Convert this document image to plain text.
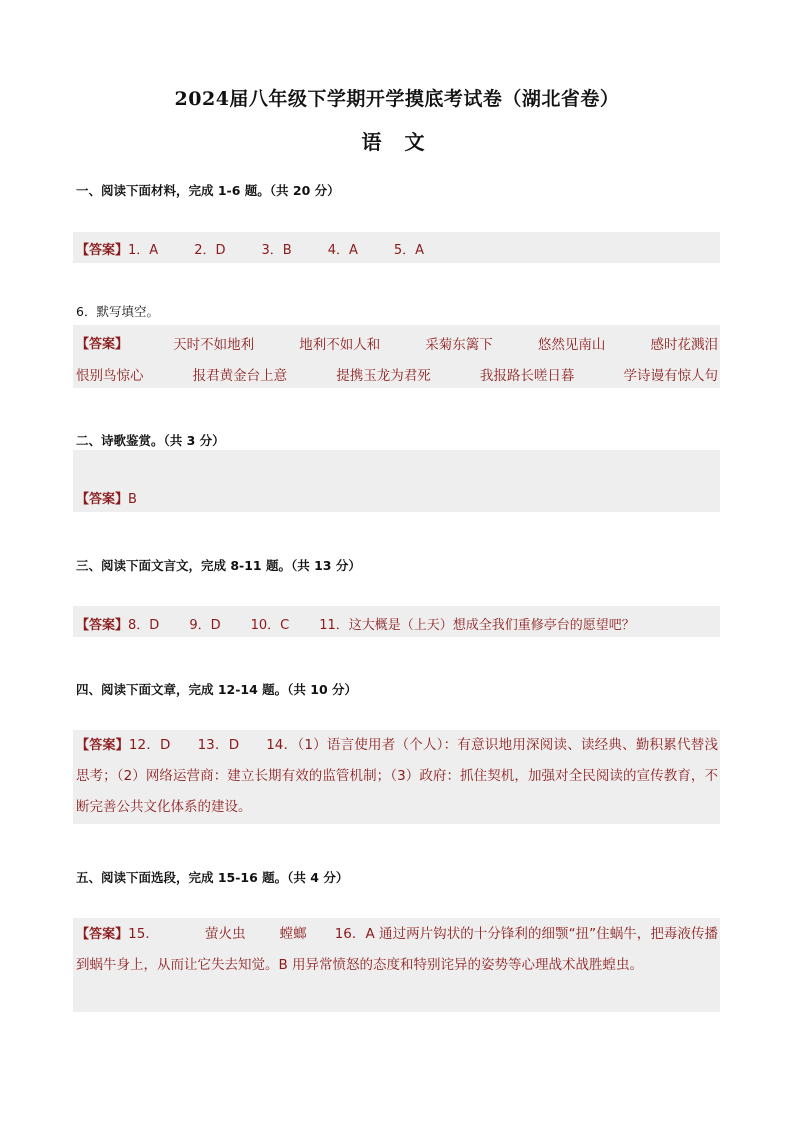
2024届八年级下学期开学摸底考试卷（湖北省卷）
语 文
一、阅读下面材料，完成 1-6 题。（共 20 分）
【答案】1．A	2．D	3．B	4．A	5．A
6．默写填空。
【答案】	天时不如地利	地利不如人和	采菊东篱下	悠然见南山	感时花溅泪
恨别鸟惊心	报君黄金台上意	提携玉龙为君死	我报路长嗟日暮	学诗谩有惊人句
二、诗歌鉴赏。（共 3 分）
【答案】B
三、阅读下面文言文，完成 8-11 题。（共 13 分）
【答案】8．D 9．D 10．C 11．这大概是（上天）想成全我们重修亭台的愿望吧？
四、阅读下面文章，完成 12-14 题。（共 10 分）
【答案】12．D      13．D      14．（1）语言使用者（个人）：有意识地用深阅读、读经典、勤积累代替浅思考；（2）网络运营商：建立长期有效的监管机制；（3）政府：抓住契机，加强对全民阅读的宣传教育，不断完善公共文化体系的建设。
五、阅读下面选段，完成 15-16 题。（共 4 分）
【答案】15．	萤火虫	螳螂 16．A 通过两片钩状的十分锋利的细颚“扭”住蜗牛，把毒液传播到蜗牛身上，从而让它失去知觉。B 用异常愤怒的态度和特别诧异的姿势等心理战术战胜蝗虫。
